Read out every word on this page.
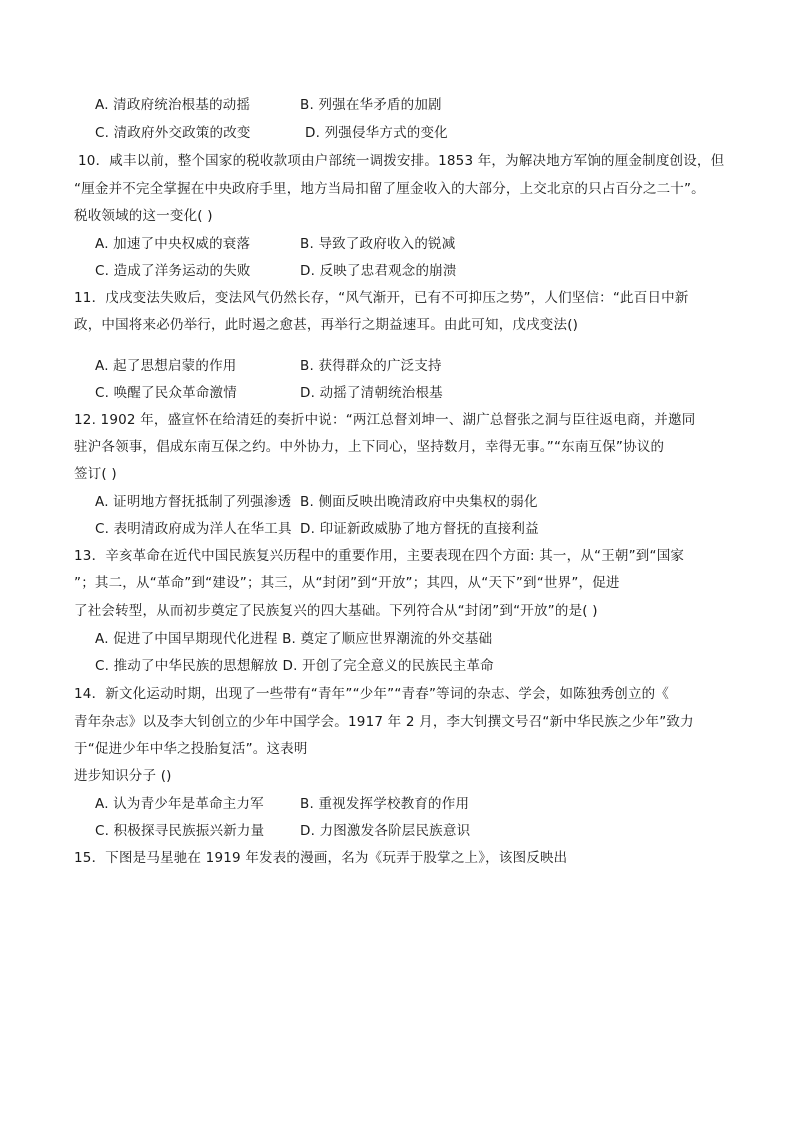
A. 清政府统治根基的动摇	B. 列强在华矛盾的加剧
C. 清政府外交政策的改变	D. 列强侵华方式的变化
10．咸丰以前，整个国家的税收款项由户部统一调拨安排。1853 年，为解决地方军饷的厘金制度创设，但
“厘金并不完全掌握在中央政府手里，地方当局扣留了厘金收入的大部分，上交北京的只占百分之二十”。
税收领域的这一变化( )
A. 加速了中央权威的衰落	B. 导致了政府收入的锐减
C. 造成了洋务运动的失败	D. 反映了忠君观念的崩溃
11．戊戌变法失败后，变法风气仍然长存，“风气渐开，已有不可抑压之势”，人们坚信：“此百日中新
政，中国将来必仍举行，此时遏之愈甚，再举行之期益速耳。由此可知，戊戌变法()
A. 起了思想启蒙的作用	B. 获得群众的广泛支持
C. 唤醒了民众革命激情	D. 动摇了清朝统治根基
12. 1902 年，盛宣怀在给清廷的奏折中说：“两江总督刘坤一、湖广总督张之洞与臣往返电商，并邀同
驻沪各领事，倡成东南互保之约。中外协力，上下同心，坚持数月，幸得无事。”“东南互保”协议的
签订( )
A. 证明地方督抚抵制了列强渗透 B. 侧面反映出晚清政府中央集权的弱化
C. 表明清政府成为洋人在华工具 D. 印证新政威胁了地方督抚的直接利益
13．辛亥革命在近代中国民族复兴历程中的重要作用，主要表现在四个方面: 其一，从“王朝”到“国家
”；其二，从“革命”到“建设”；其三，从“封闭”到“开放”；其四，从“天下”到“世界”，促进
了社会转型，从而初步奠定了民族复兴的四大基础。下列符合从“封闭”到“开放”的是( )
A. 促进了中国早期现代化进程 B. 奠定了顺应世界潮流的外交基础
C. 推动了中华民族的思想解放 D. 开创了完全意义的民族民主革命
14．新文化运动时期，出现了一些带有“青年”“少年”“青春”等词的杂志、学会，如陈独秀创立的《
青年杂志》以及李大钊创立的少年中国学会。1917 年 2 月，李大钊撰文号召“新中华民族之少年”致力
于“促进少年中华之投胎复活”。这表明
进步知识分子 ()
A. 认为青少年是革命主力军	B. 重视发挥学校教育的作用
C. 积极探寻民族振兴新力量	D. 力图激发各阶层民族意识
15．下图是马星驰在 1919 年发表的漫画，名为《玩弄于股掌之上》，该图反映出
